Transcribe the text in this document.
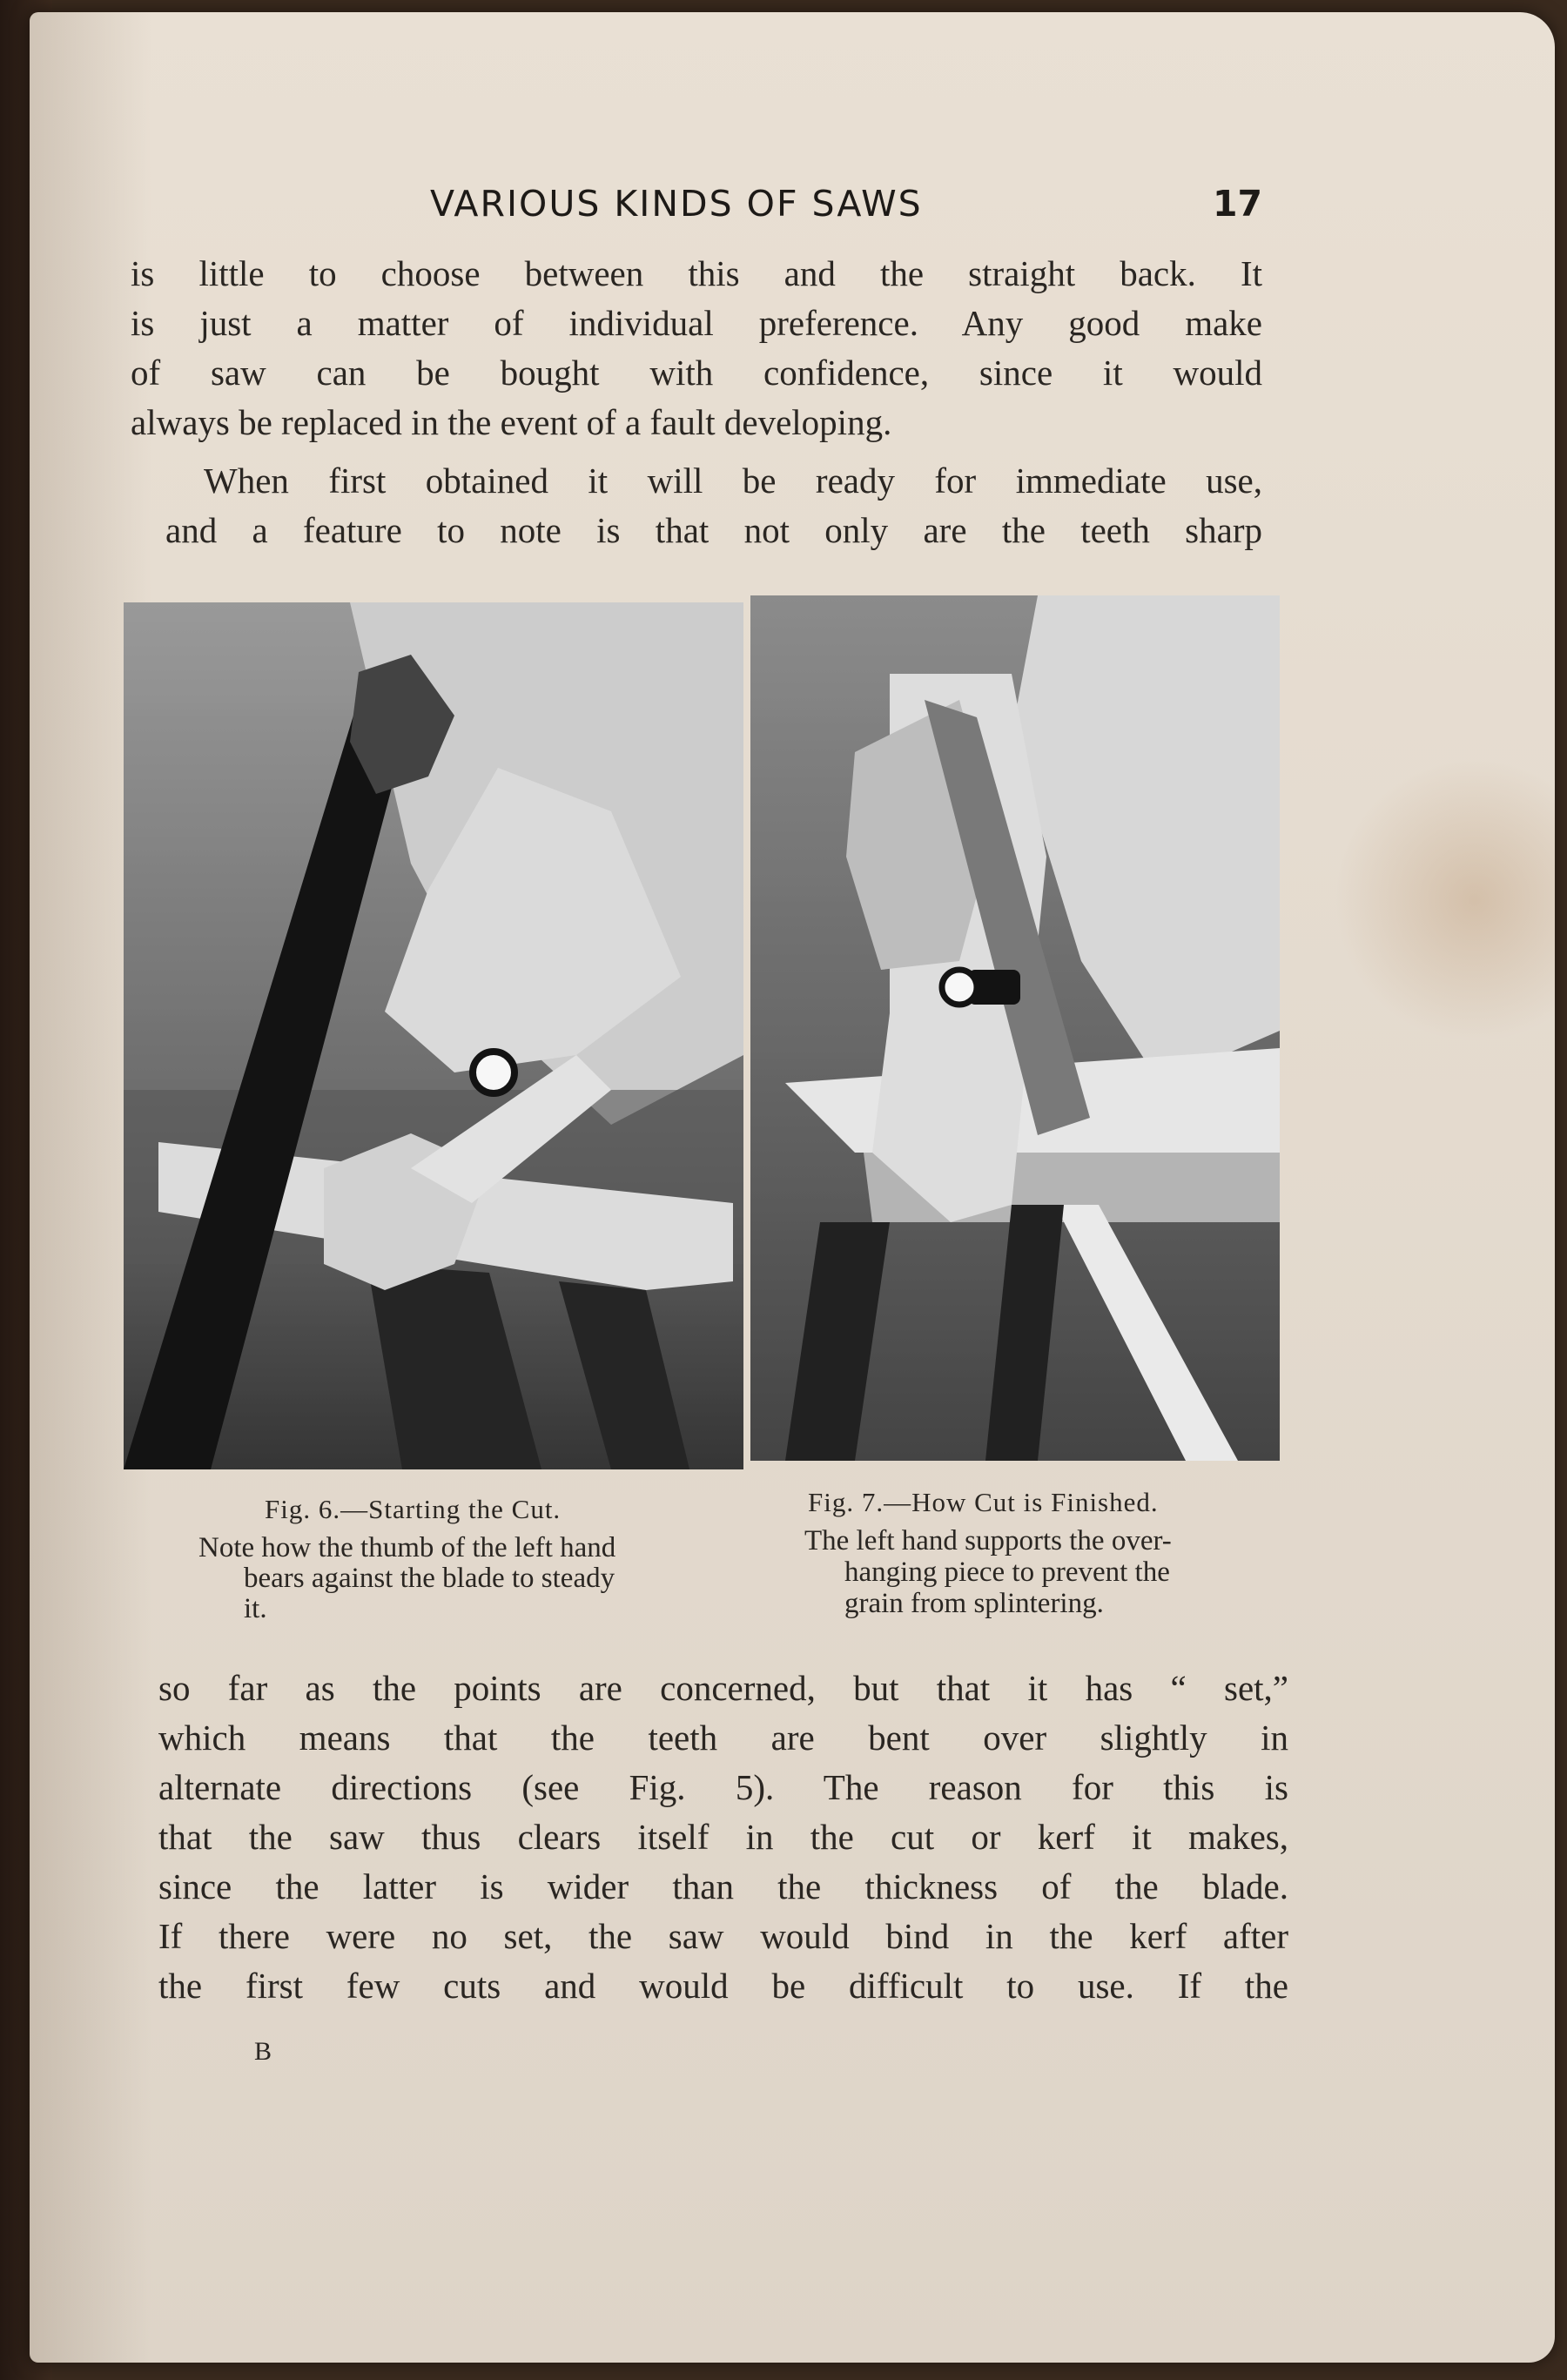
VARIOUS KINDS OF SAWS	17
is little to choose between this and the straight back. It
is just a matter of individual preference. Any good make
of saw can be bought with confidence, since it would
always be replaced in the event of a fault developing.
When first obtained it will be ready for immediate use,
and a feature to note is that not only are the teeth sharp
Fig. 6.—Starting the Cut.
Note how the thumb of the left hand
bears against the blade to steady
it.
Fig. 7.—How Cut is Finished.
The left hand supports the over-
hanging piece to prevent the
grain from splintering.
so far as the points are concerned, but that it has “ set,”
which means that the teeth are bent over slightly in
alternate directions (see Fig. 5). The reason for this is
that the saw thus clears itself in the cut or kerf it makes,
since the latter is wider than the thickness of the blade.
If there were no set, the saw would bind in the kerf after
the first few cuts and would be difficult to use. If the
B
